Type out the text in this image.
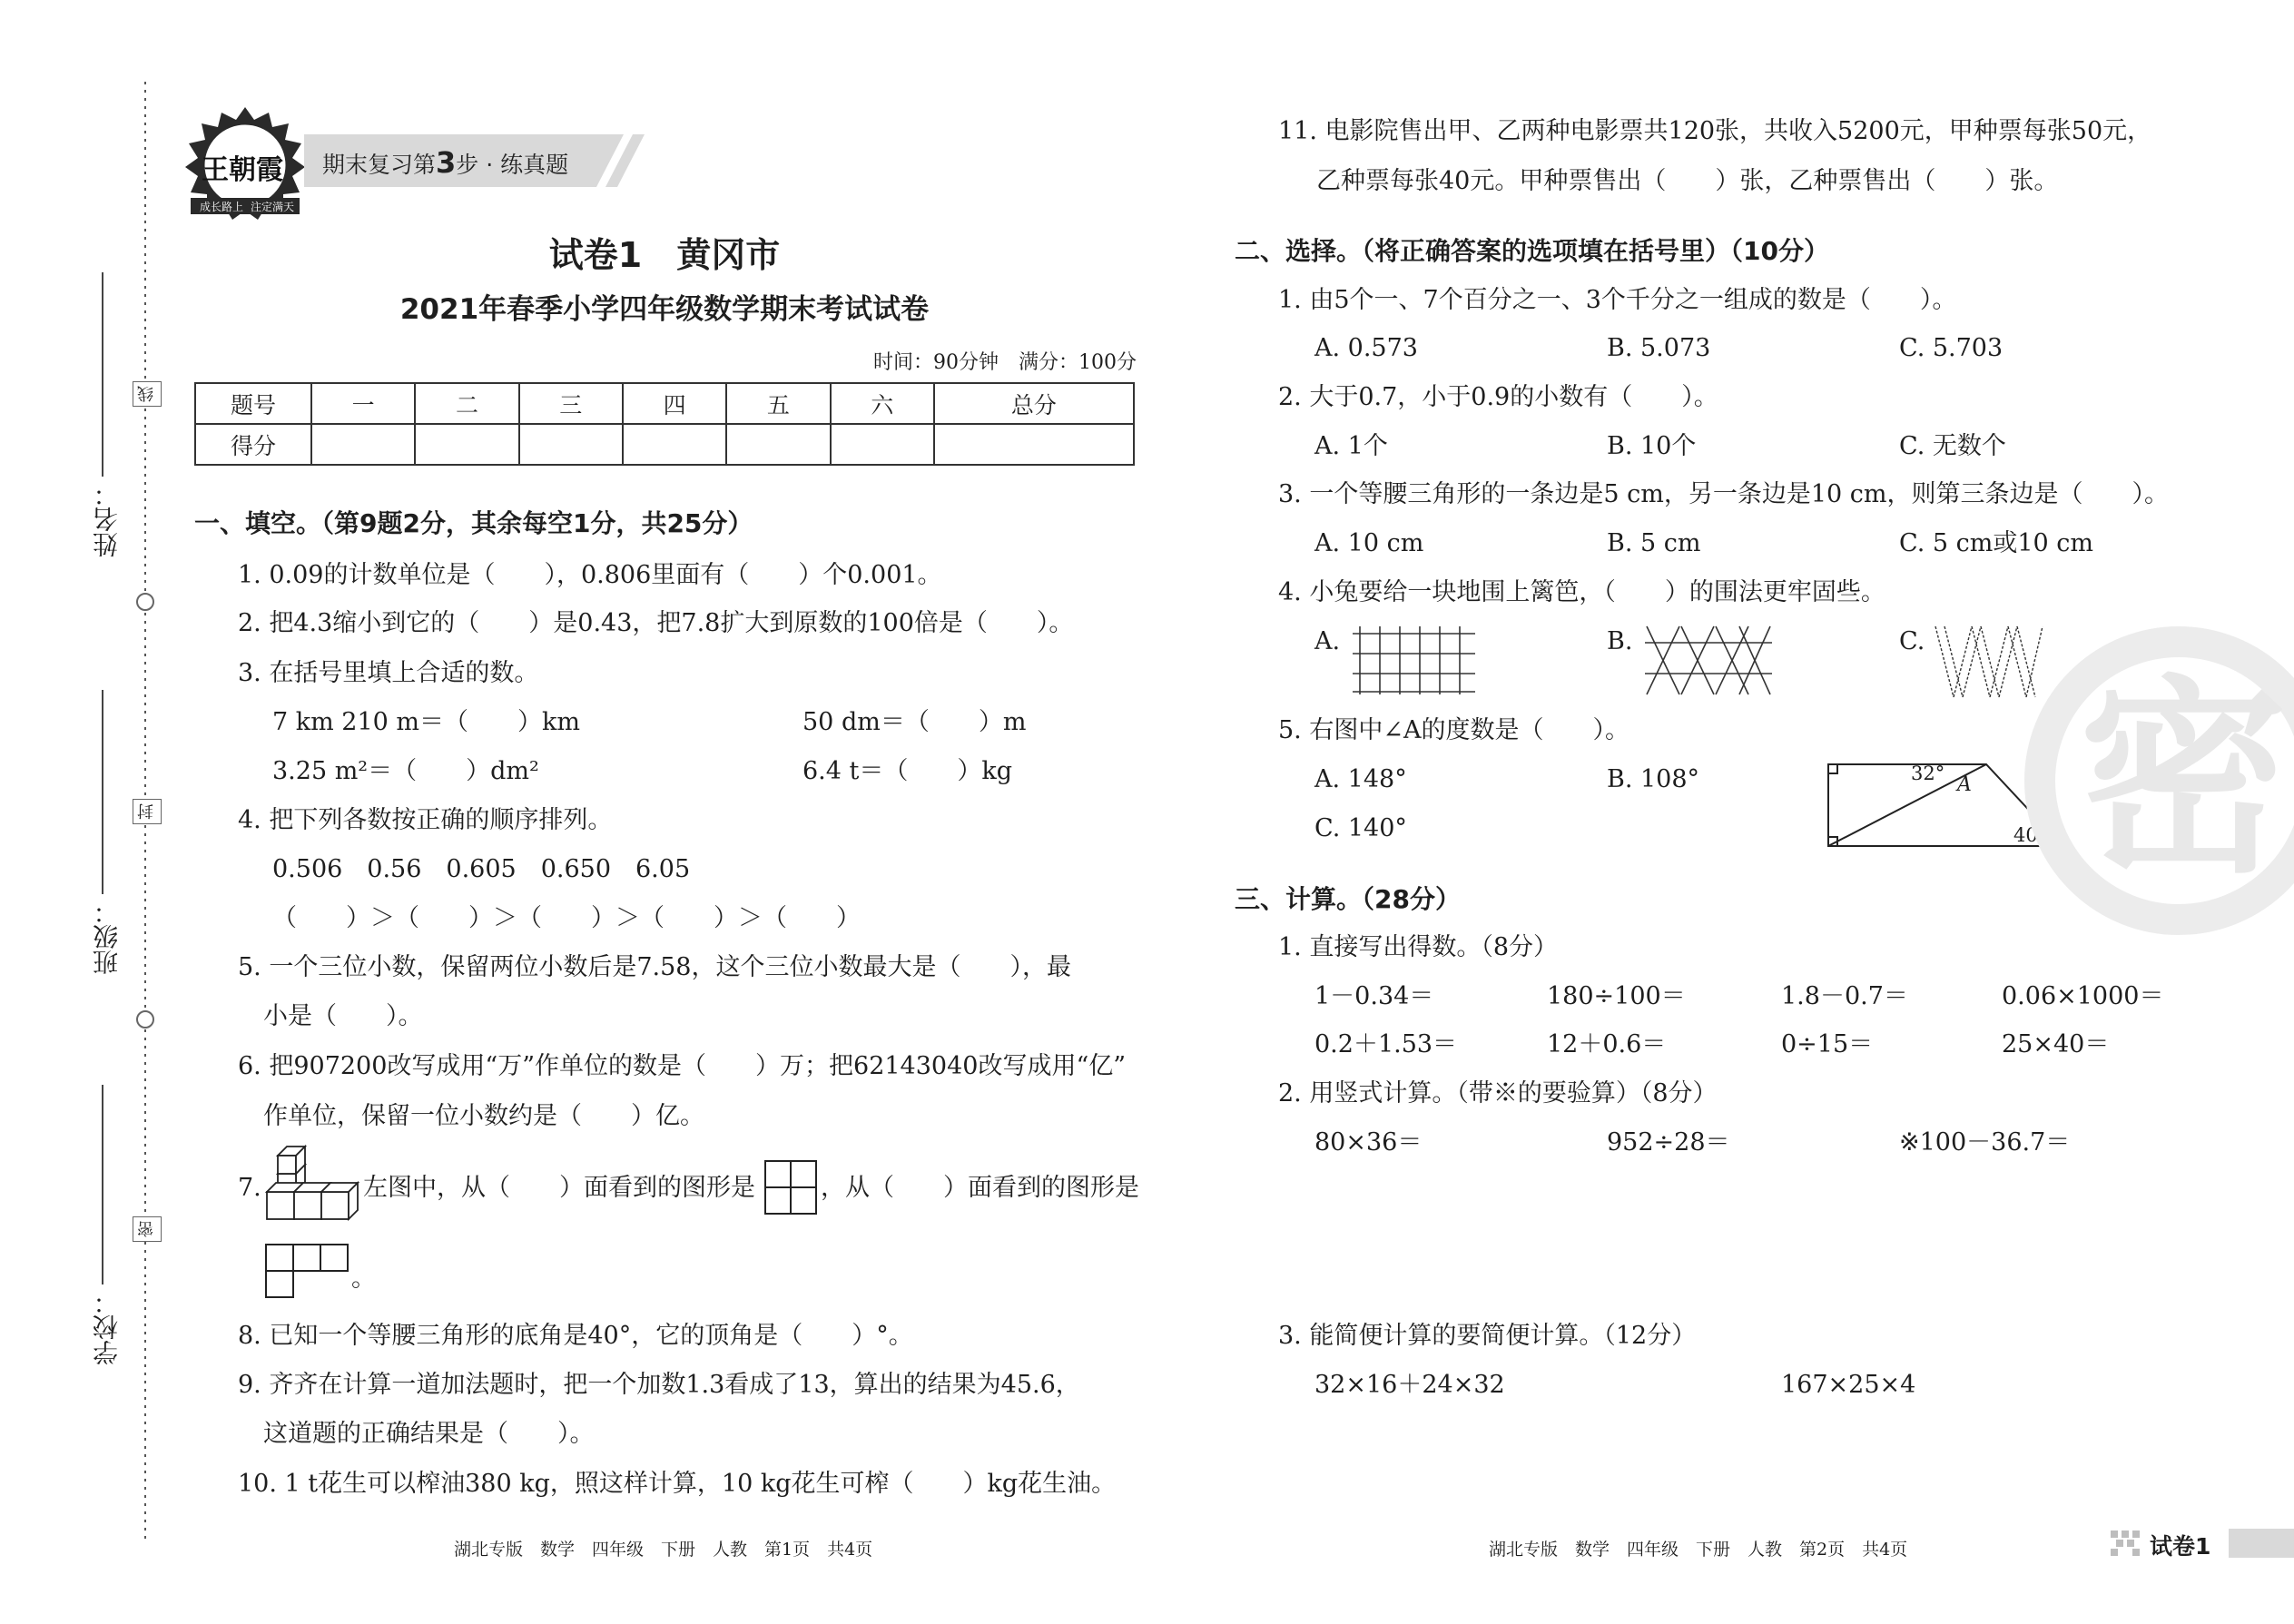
线
封
密
姓名：
班级：
学校：
王朝霞
成长路上 注定满天
期末复习第3步 · 练真题
试卷1　黄冈市
2021年春季小学四年级数学期末考试试卷
时间：90分钟　满分：100分
题号	一	二	三	四	五	六	总分
得分							
一、填空。（第9题2分，其余每空1分，共25分）
1. 0.09的计数单位是（　　），0.806里面有（　　）个0.001。
2. 把4.3缩小到它的（　　）是0.43，把7.8扩大到原数的100倍是（　　）。
3. 在括号里填上合适的数。
7 km 210 m＝（　　）km	50 dm＝（　　）m
3.25 m²＝（　　）dm²	6.4 t＝（　　）kg
4. 把下列各数按正确的顺序排列。
0.506　0.56　0.605　0.650　6.05
（　　）＞（　　）＞（　　）＞（　　）＞（　　）
5. 一个三位小数，保留两位小数后是7.58，这个三位小数最大是（　　），最
小是（　　）。
6. 把907200改写成用“万”作单位的数是（　　）万；把62143040改写成用“亿”
作单位，保留一位小数约是（　　）亿。
7.	左图中，从（　　）面看到的图形是	，从（　　）面看到的图形是
。
8. 已知一个等腰三角形的底角是40°，它的顶角是（　　）°。
9. 齐齐在计算一道加法题时，把一个加数1.3看成了13，算出的结果为45.6，
这道题的正确结果是（　　）。
10. 1 t花生可以榨油380 kg，照这样计算，10 kg花生可榨（　　）kg花生油。
11. 电影院售出甲、乙两种电影票共120张，共收入5200元，甲种票每张50元，
乙种票每张40元。甲种票售出（　　）张，乙种票售出（　　）张。
二、选择。（将正确答案的选项填在括号里）（10分）
1. 由5个一、7个百分之一、3个千分之一组成的数是（　　）。
A. 0.573	B. 5.073	C. 5.703
2. 大于0.7，小于0.9的小数有（　　）。
A. 1个	B. 10个	C. 无数个
3. 一个等腰三角形的一条边是5 cm，另一条边是10 cm，则第三条边是（　　）。
A. 10 cm	B. 5 cm	C. 5 cm或10 cm
4. 小兔要给一块地围上篱笆，（　　）的围法更牢固些。
A.	B.	C.
5. 右图中∠A的度数是（　　）。
A. 148°	B. 108°
C. 140°
32° A
40°
三、计算。（28分）
1. 直接写出得数。（8分）
1－0.34＝	180÷100＝	1.8－0.7＝	0.06×1000＝
0.2＋1.53＝	12＋0.6＝	0÷15＝	25×40＝
2. 用竖式计算。（带※的要验算）（8分）
80×36＝	952÷28＝	※100－36.7＝
3. 能简便计算的要简便计算。（12分）
32×16＋24×32	167×25×4
密
湖北专版　数学　四年级　下册　人教　第1页　共4页	湖北专版　数学　四年级　下册　人教　第2页　共4页	试卷1
